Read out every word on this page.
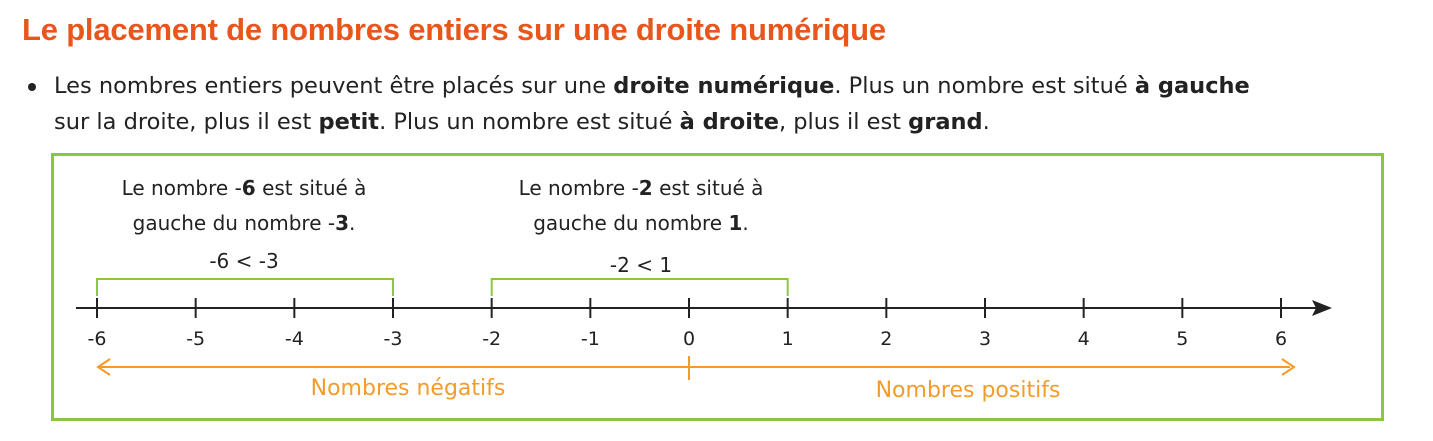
Le placement de nombres entiers sur une droite numérique
Les nombres entiers peuvent être placés sur une droite numérique. Plus un nombre est situé à gauche
sur la droite, plus il est petit. Plus un nombre est situé à droite, plus il est grand.
Le nombre -6 est situé à
gauche du nombre -3.
-6 < -3
Le nombre -2 est situé à
gauche du nombre 1.
-2 < 1
-6	-5	-4	-3	-2	-1	0	1	2	3	4	5	6
Nombres négatifs	Nombres positifs
